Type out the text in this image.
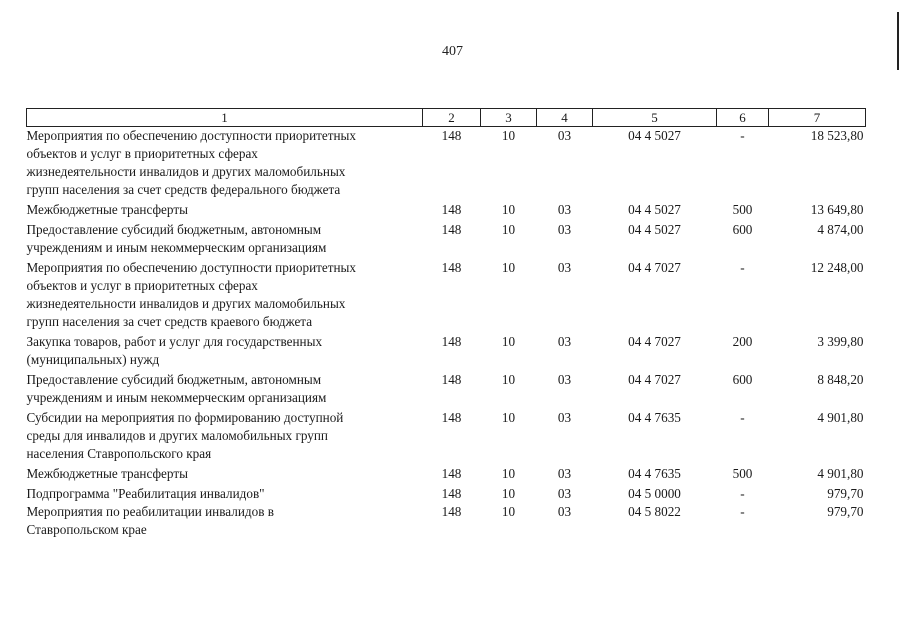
407
1	2	3	4	5	6	7

Мероприятия по обеспечению доступности приоритетных
объектов и услуг в приоритетных сферах
жизнедеятельности инвалидов и других маломобильных
групп населения за счет средств федерального бюджета	148	10	03	04 4 5027	-	18 523,80

Межбюджетные трансферты	148	10	03	04 4 5027	500	13 649,80

Предоставление субсидий бюджетным, автономным
учреждениям и иным некоммерческим организациям	148	10	03	04 4 5027	600	4 874,00

Мероприятия по обеспечению доступности приоритетных
объектов и услуг в приоритетных сферах
жизнедеятельности инвалидов и других маломобильных
групп населения за счет средств краевого бюджета	148	10	03	04 4 7027	-	12 248,00

Закупка товаров, работ и услуг для государственных
(муниципальных) нужд	148	10	03	04 4 7027	200	3 399,80

Предоставление субсидий бюджетным, автономным
учреждениям и иным некоммерческим организациям	148	10	03	04 4 7027	600	8 848,20

Субсидии на мероприятия по формированию доступной
среды для инвалидов и других маломобильных групп
населения Ставропольского края	148	10	03	04 4 7635	-	4 901,80

Межбюджетные трансферты	148	10	03	04 4 7635	500	4 901,80

Подпрограмма "Реабилитация инвалидов"	148	10	03	04 5 0000	-	979,70

Мероприятия по реабилитации инвалидов в
Ставропольском крае	148	10	03	04 5 8022	-	979,70
